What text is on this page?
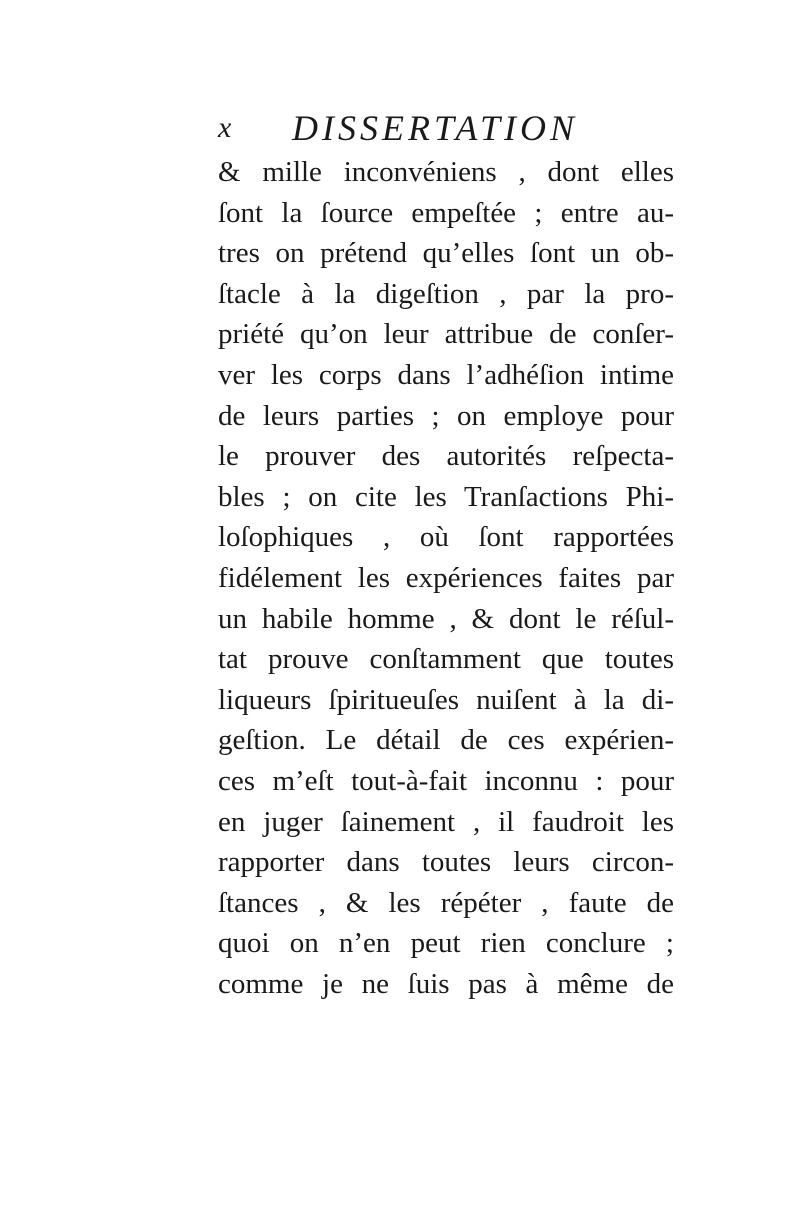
x DISSERTATION
& mille inconvéniens , dont elles
ſont la ſource empeſtée ; entre au-
tres on prétend qu’elles ſont un ob-
ſtacle à la digeſtion , par la pro-
priété qu’on leur attribue de conſer-
ver les corps dans l’adhéſion intime
de leurs parties ; on employe pour
le prouver des autorités reſpectа-
bles ; on cite les Tranſactions Phi-
loſophiques , où ſont rapportées
fidélement les expériences faites par
un habile homme , & dont le réſul-
tat prouve conſtamment que toutes
liqueurs ſpiritueuſes nuiſent à la di-
geſtion. Le détail de ces expérien-
ces m’eſt tout-à-fait inconnu : pour
en juger ſainement , il faudroit les
rapporter dans toutes leurs circon-
ſtances , & les répéter , faute de
quoi on n’en peut rien conclure ;
comme je ne ſuis pas à même de
